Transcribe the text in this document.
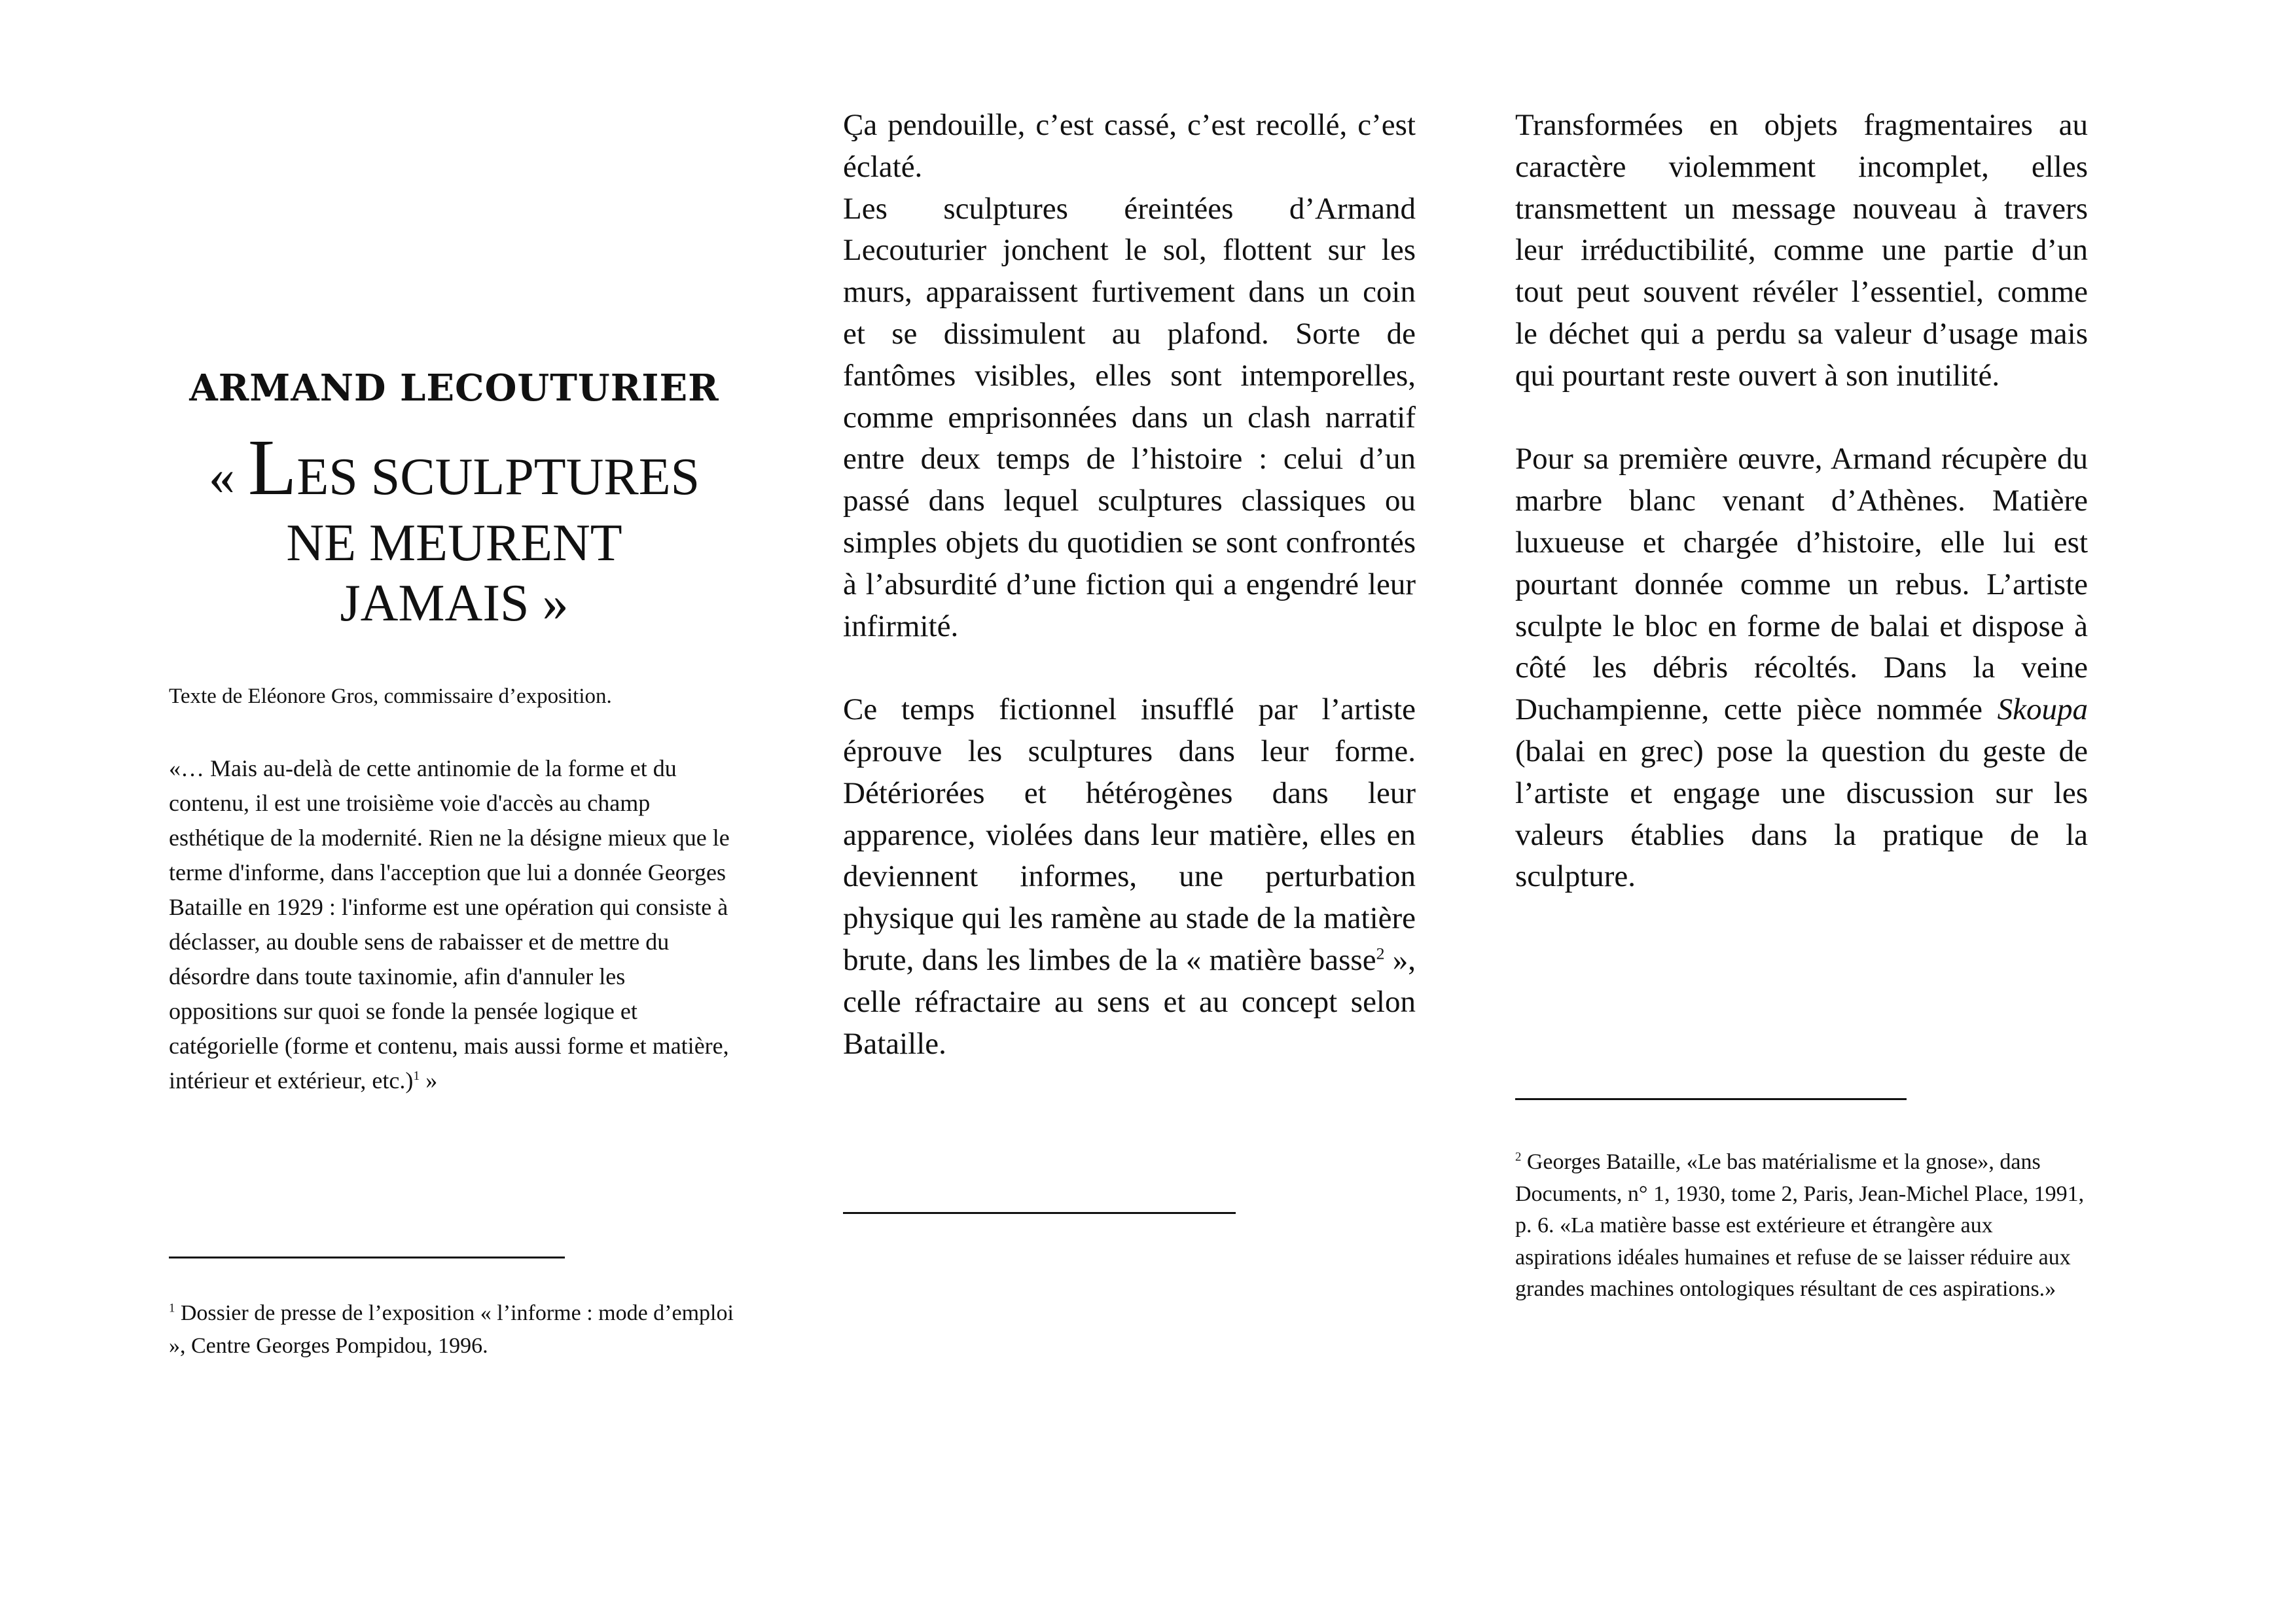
ARMAND LECOUTURIER
« LES SCULPTURES
NE MEURENT
JAMAIS »

Texte de Eléonore Gros, commissaire d’exposition.

«… Mais au-delà de cette antinomie de la forme et du contenu, il est une troisième voie d'accès au champ esthétique de la modernité. Rien ne la désigne mieux que le terme d'informe, dans l'acception que lui a donnée Georges Bataille en 1929 : l'informe est une opération qui consiste à déclasser, au double sens de rabaisser et de mettre du désordre dans toute taxinomie, afin d'annuler les oppositions sur quoi se fonde la pensée logique et catégorielle (forme et contenu, mais aussi forme et matière, intérieur et extérieur, etc.)$^1$ »

$^1$ Dossier de presse de l’exposition « l’informe : mode d’emploi », Centre Georges Pompidou, 1996.

Ça pendouille, c’est cassé, c’est recollé, c’est éclaté.
Les sculptures éreintées d’Armand Lecouturier jonchent le sol, flottent sur les murs, apparaissent furtivement dans un coin et se dissimulent au plafond. Sorte de fantômes visibles, elles sont intemporelles, comme emprisonnées dans un clash narratif entre deux temps de l’histoire : celui d’un passé dans lequel sculptures classiques ou simples objets du quotidien se sont confrontés à l’absurdité d’une fiction qui a engendré leur infirmité.
Ce temps fictionnel insufflé par l’artiste éprouve les sculptures dans leur forme. Détériorées et hétérogènes dans leur apparence, violées dans leur matière, elles en deviennent informes, une perturbation physique qui les ramène au stade de la matière brute, dans les limbes de la « matière basse$^2$ », celle réfractaire au sens et au concept selon Bataille.
Transformées en objets fragmentaires au caractère violemment incomplet, elles transmettent un message nouveau à travers leur irréductibilité, comme une partie d’un tout peut souvent révéler l’essentiel, comme le déchet qui a perdu sa valeur d’usage mais qui pourtant reste ouvert à son inutilité.
Pour sa première œuvre, Armand récupère du marbre blanc venant d’Athènes. Matière luxueuse et chargée d’histoire, elle lui est pourtant donnée comme un rebus. L’artiste sculpte le bloc en forme de balai et dispose à côté les débris récoltés. Dans la veine Duchampienne, cette pièce nommée Skoupa (balai en grec) pose la question du geste de l’artiste et engage une discussion sur les valeurs établies dans la pratique de la sculpture.

$^2$ Georges Bataille, «Le bas matérialisme et la gnose», dans Documents, n° 1, 1930, tome 2, Paris, Jean-Michel Place, 1991, p. 6. «La matière basse est extérieure et étrangère aux aspirations idéales humaines et refuse de se laisser réduire aux grandes machines ontologiques résultant de ces aspirations.»
